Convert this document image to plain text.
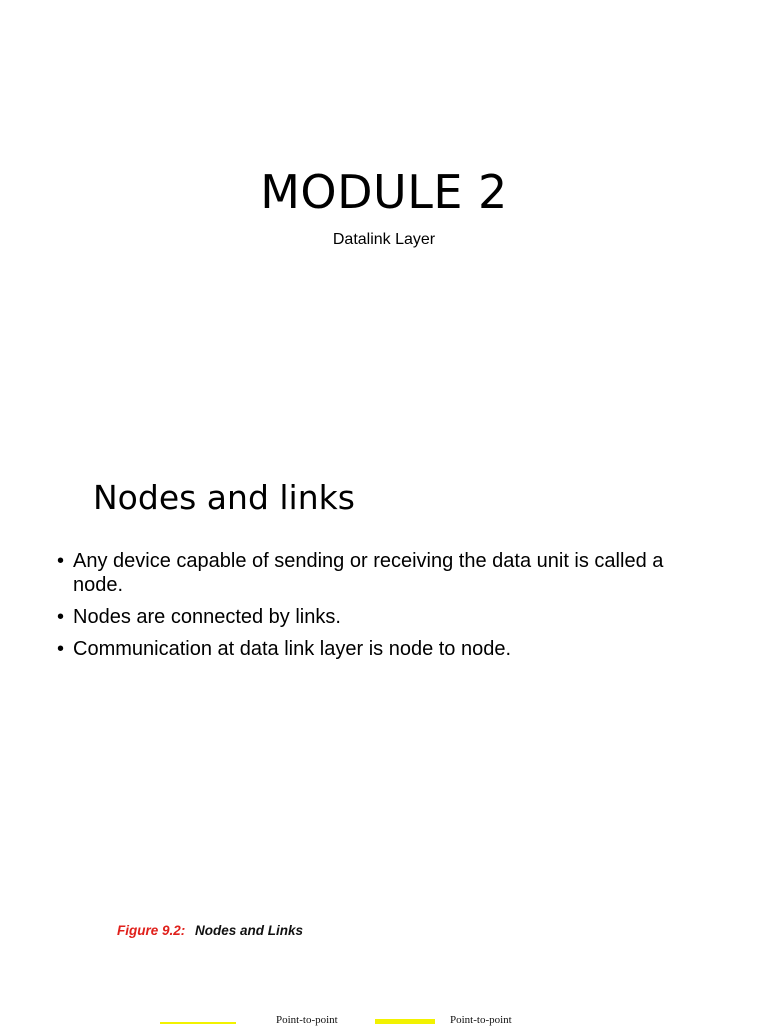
MODULE 2
Datalink Layer
Nodes and links
• Any device capable of sending or receiving the data unit is called a node.
• Nodes are connected by links.
• Communication at data link layer is node to node.
Figure 9.2: Nodes and Links
Point-to-point	Point-to-point
